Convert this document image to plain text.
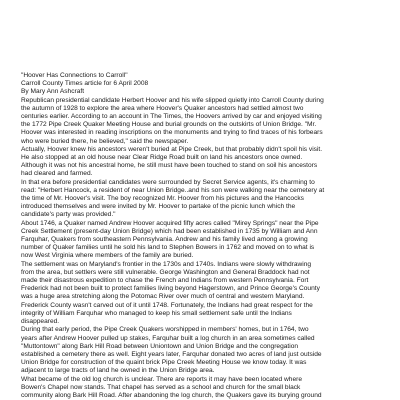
"Hoover Has Connections to Carroll"
Carroll County Times article for 6 April 2008
By Mary Ann Ashcraft
Republican presidential candidate Herbert Hoover and his wife slipped quietly into Carroll County during
the autumn of 1928 to explore the area where Hoover's Quaker ancestors had settled almost two
centuries earlier. According to an account in The Times, the Hoovers arrived by car and enjoyed visiting
the 1772 Pipe Creek Quaker Meeting House and burial grounds on the outskirts of Union Bridge. "Mr.
Hoover was interested in reading inscriptions on the monuments and trying to find traces of his forbears
who were buried there, he believed," said the newspaper.
Actually, Hoover knew his ancestors weren't buried at Pipe Creek, but that probably didn't spoil his visit.
He also stopped at an old house near Clear Ridge Road built on land his ancestors once owned.
Although it was not his ancestral home, he still must have been touched to stand on soil his ancestors
had cleared and farmed.
In that era before presidential candidates were surrounded by Secret Service agents, it's charming to
read: "Herbert Hancock, a resident of near Union Bridge..and his son were walking near the cemetery at
the time of Mr. Hoover's visit. The boy recognized Mr. Hoover from his pictures and the Hancocks
introduced themselves and were invited by Mr. Hoover to partake of the picnic lunch which the
candidate's party was provided."
About 1746, a Quaker named Andrew Hoover acquired fifty acres called "Mirey Springs" near the Pipe
Creek Settlement (present-day Union Bridge) which had been established in 1735 by William and Ann
Farquhar, Quakers from southeastern Pennsylvania. Andrew and his family lived among a growing
number of Quaker families until he sold his land to Stephen Bowers in 1762 and moved on to what is
now West Virginia where members of the family are buried.
The settlement was on Maryland's frontier in the 1730s and 1740s. Indians were slowly withdrawing
from the area, but settlers were still vulnerable. George Washington and General Braddock had not
made their disastrous expedition to chase the French and Indians from western Pennsylvania. Fort
Frederick had not been built to protect families living beyond Hagerstown, and Prince George's County
was a huge area stretching along the Potomac River over much of central and western Maryland.
Frederick County wasn't carved out of it until 1748. Fortunately, the Indians had great respect for the
integrity of William Farquhar who managed to keep his small settlement safe until the Indians
disappeared.
During that early period, the Pipe Creek Quakers worshipped in members' homes, but in 1764, two
years after Andrew Hoover pulled up stakes, Farquhar built a log church in an area sometimes called
"Muttontown" along Bark Hill Road between Uniontown and Union Bridge and the congregation
established a cemetery there as well. Eight years later, Farquhar donated two acres of land just outside
Union Bridge for construction of the quaint brick Pipe Creek Meeting House we know today. It was
adjacent to large tracts of land he owned in the Union Bridge area.
What became of the old log church is unclear. There are reports it may have been located where
Bowen's Chapel now stands. That chapel has served as a school and church for the small black
community along Bark Hill Road. After abandoning the log church, the Quakers gave its burying ground
